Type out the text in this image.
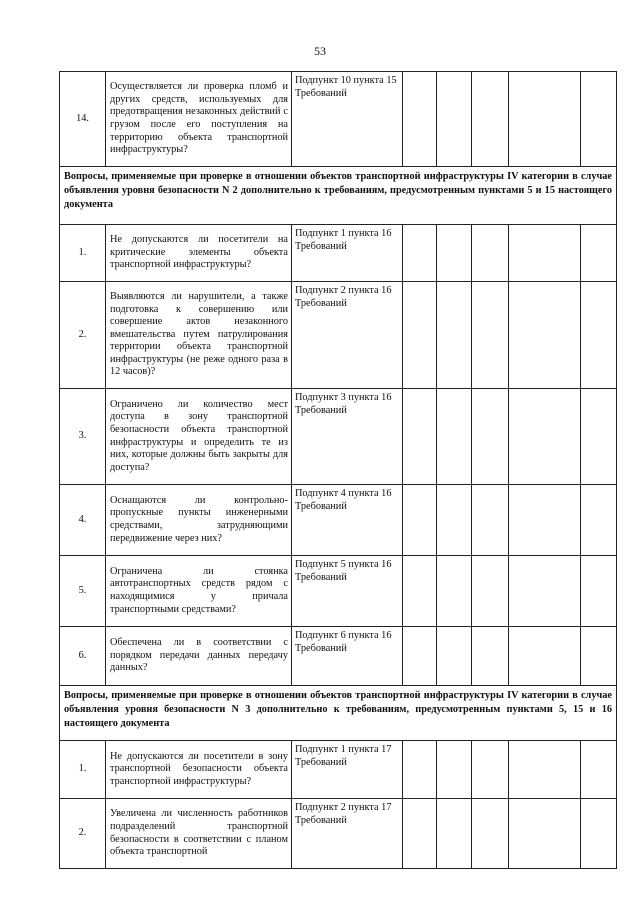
53
14.	Осуществляется ли проверка пломб и других средств, используемых для предотвращения незаконных действий с грузом после его поступления на территорию объекта транспортной инфраструктуры?	Подпункт 10 пункта 15 Требований					
Вопросы, применяемые при проверке в отношении объектов транспортной инфраструктуры IV категории в случае объявления уровня безопасности N 2 дополнительно к требованиям, предусмотренным пунктами 5 и 15 настоящего документа							
1.	Не допускаются ли посетители на критические элементы объекта транспортной инфраструктуры?	Подпункт 1 пункта 16 Требований					
2.	Выявляются ли нарушители, а также подготовка к совершению или совершение актов незаконного вмешательства путем патрулирования территории объекта транспортной инфраструктуры (не реже одного раза в 12 часов)?	Подпункт 2 пункта 16 Требований					
3.	Ограничено ли количество мест доступа в зону транспортной безопасности объекта транспортной инфраструктуры и определить те из них, которые должны быть закрыты для доступа?	Подпункт 3 пункта 16 Требований					
4.	Оснащаются ли контрольно-пропускные пункты инженерными средствами, затрудняющими передвижение через них?	Подпункт 4 пункта 16 Требований					
5.	Ограничена ли стоянка автотранспортных средств рядом с находящимися у причала транспортными средствами?	Подпункт 5 пункта 16 Требований					
6.	Обеспечена ли в соответствии с порядком передачи данных передачу данных?	Подпункт 6 пункта 16 Требований					
Вопросы, применяемые при проверке в отношении объектов транспортной инфраструктуры IV категории в случае объявления уровня безопасности N 3 дополнительно к требованиям, предусмотренным пунктами 5, 15 и 16 настоящего документа							
1.	Не допускаются ли посетители в зону транспортной безопасности объекта транспортной инфраструктуры?	Подпункт 1 пункта 17 Требований					
2.	Увеличена ли численность работников подразделений транспортной безопасности в соответствии с планом объекта транспортной	Подпункт 2 пункта 17 Требований					
